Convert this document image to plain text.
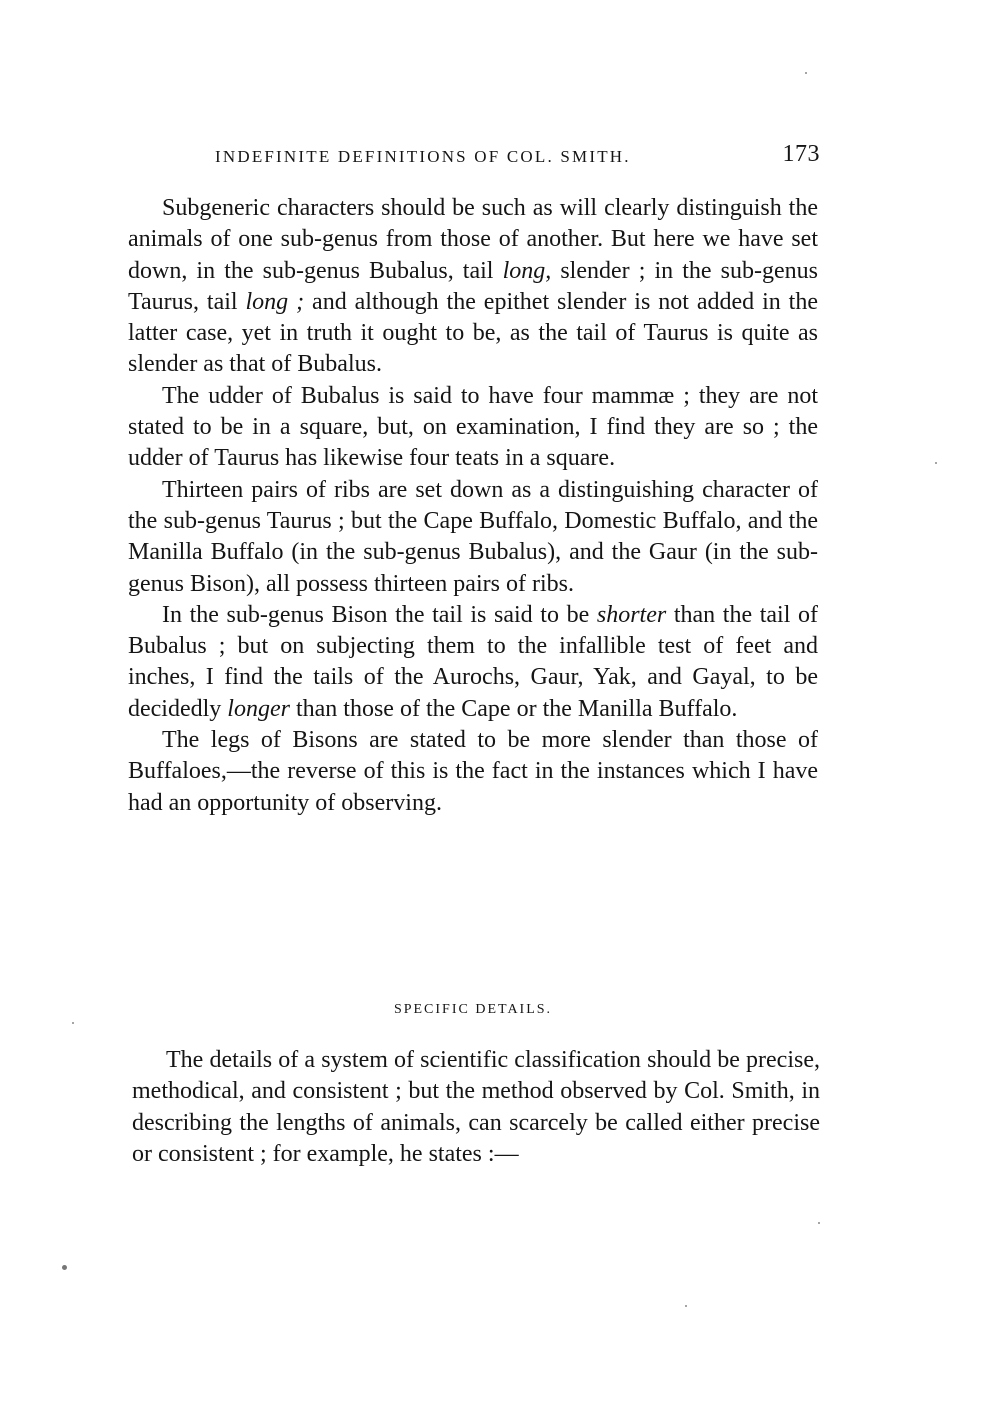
INDEFINITE DEFINITIONS OF COL. SMITH.	173

Subgeneric characters should be such as will clearly distinguish the animals of one sub-genus from those of another. But here we have set down, in the sub-genus Bubalus, tail long, slender ; in the sub-genus Taurus, tail long ; and although the epithet slender is not added in the latter case, yet in truth it ought to be, as the tail of Taurus is quite as slender as that of Bubalus.

The udder of Bubalus is said to have four mammæ ; they are not stated to be in a square, but, on examination, I find they are so ; the udder of Taurus has likewise four teats in a square.

Thirteen pairs of ribs are set down as a distinguishing character of the sub-genus Taurus ; but the Cape Buffalo, Domestic Buffalo, and the Manilla Buffalo (in the sub-genus Bubalus), and the Gaur (in the sub-genus Bison), all possess thirteen pairs of ribs.

In the sub-genus Bison the tail is said to be shorter than the tail of Bubalus ; but on subjecting them to the infallible test of feet and inches, I find the tails of the Aurochs, Gaur, Yak, and Gayal, to be decidedly longer than those of the Cape or the Manilla Buffalo.

The legs of Bisons are stated to be more slender than those of Buffaloes,—the reverse of this is the fact in the instances which I have had an opportunity of observing.

SPECIFIC DETAILS.

The details of a system of scientific classification should be precise, methodical, and consistent ; but the method observed by Col. Smith, in describing the lengths of animals, can scarcely be called either precise or consistent ; for example, he states :—
